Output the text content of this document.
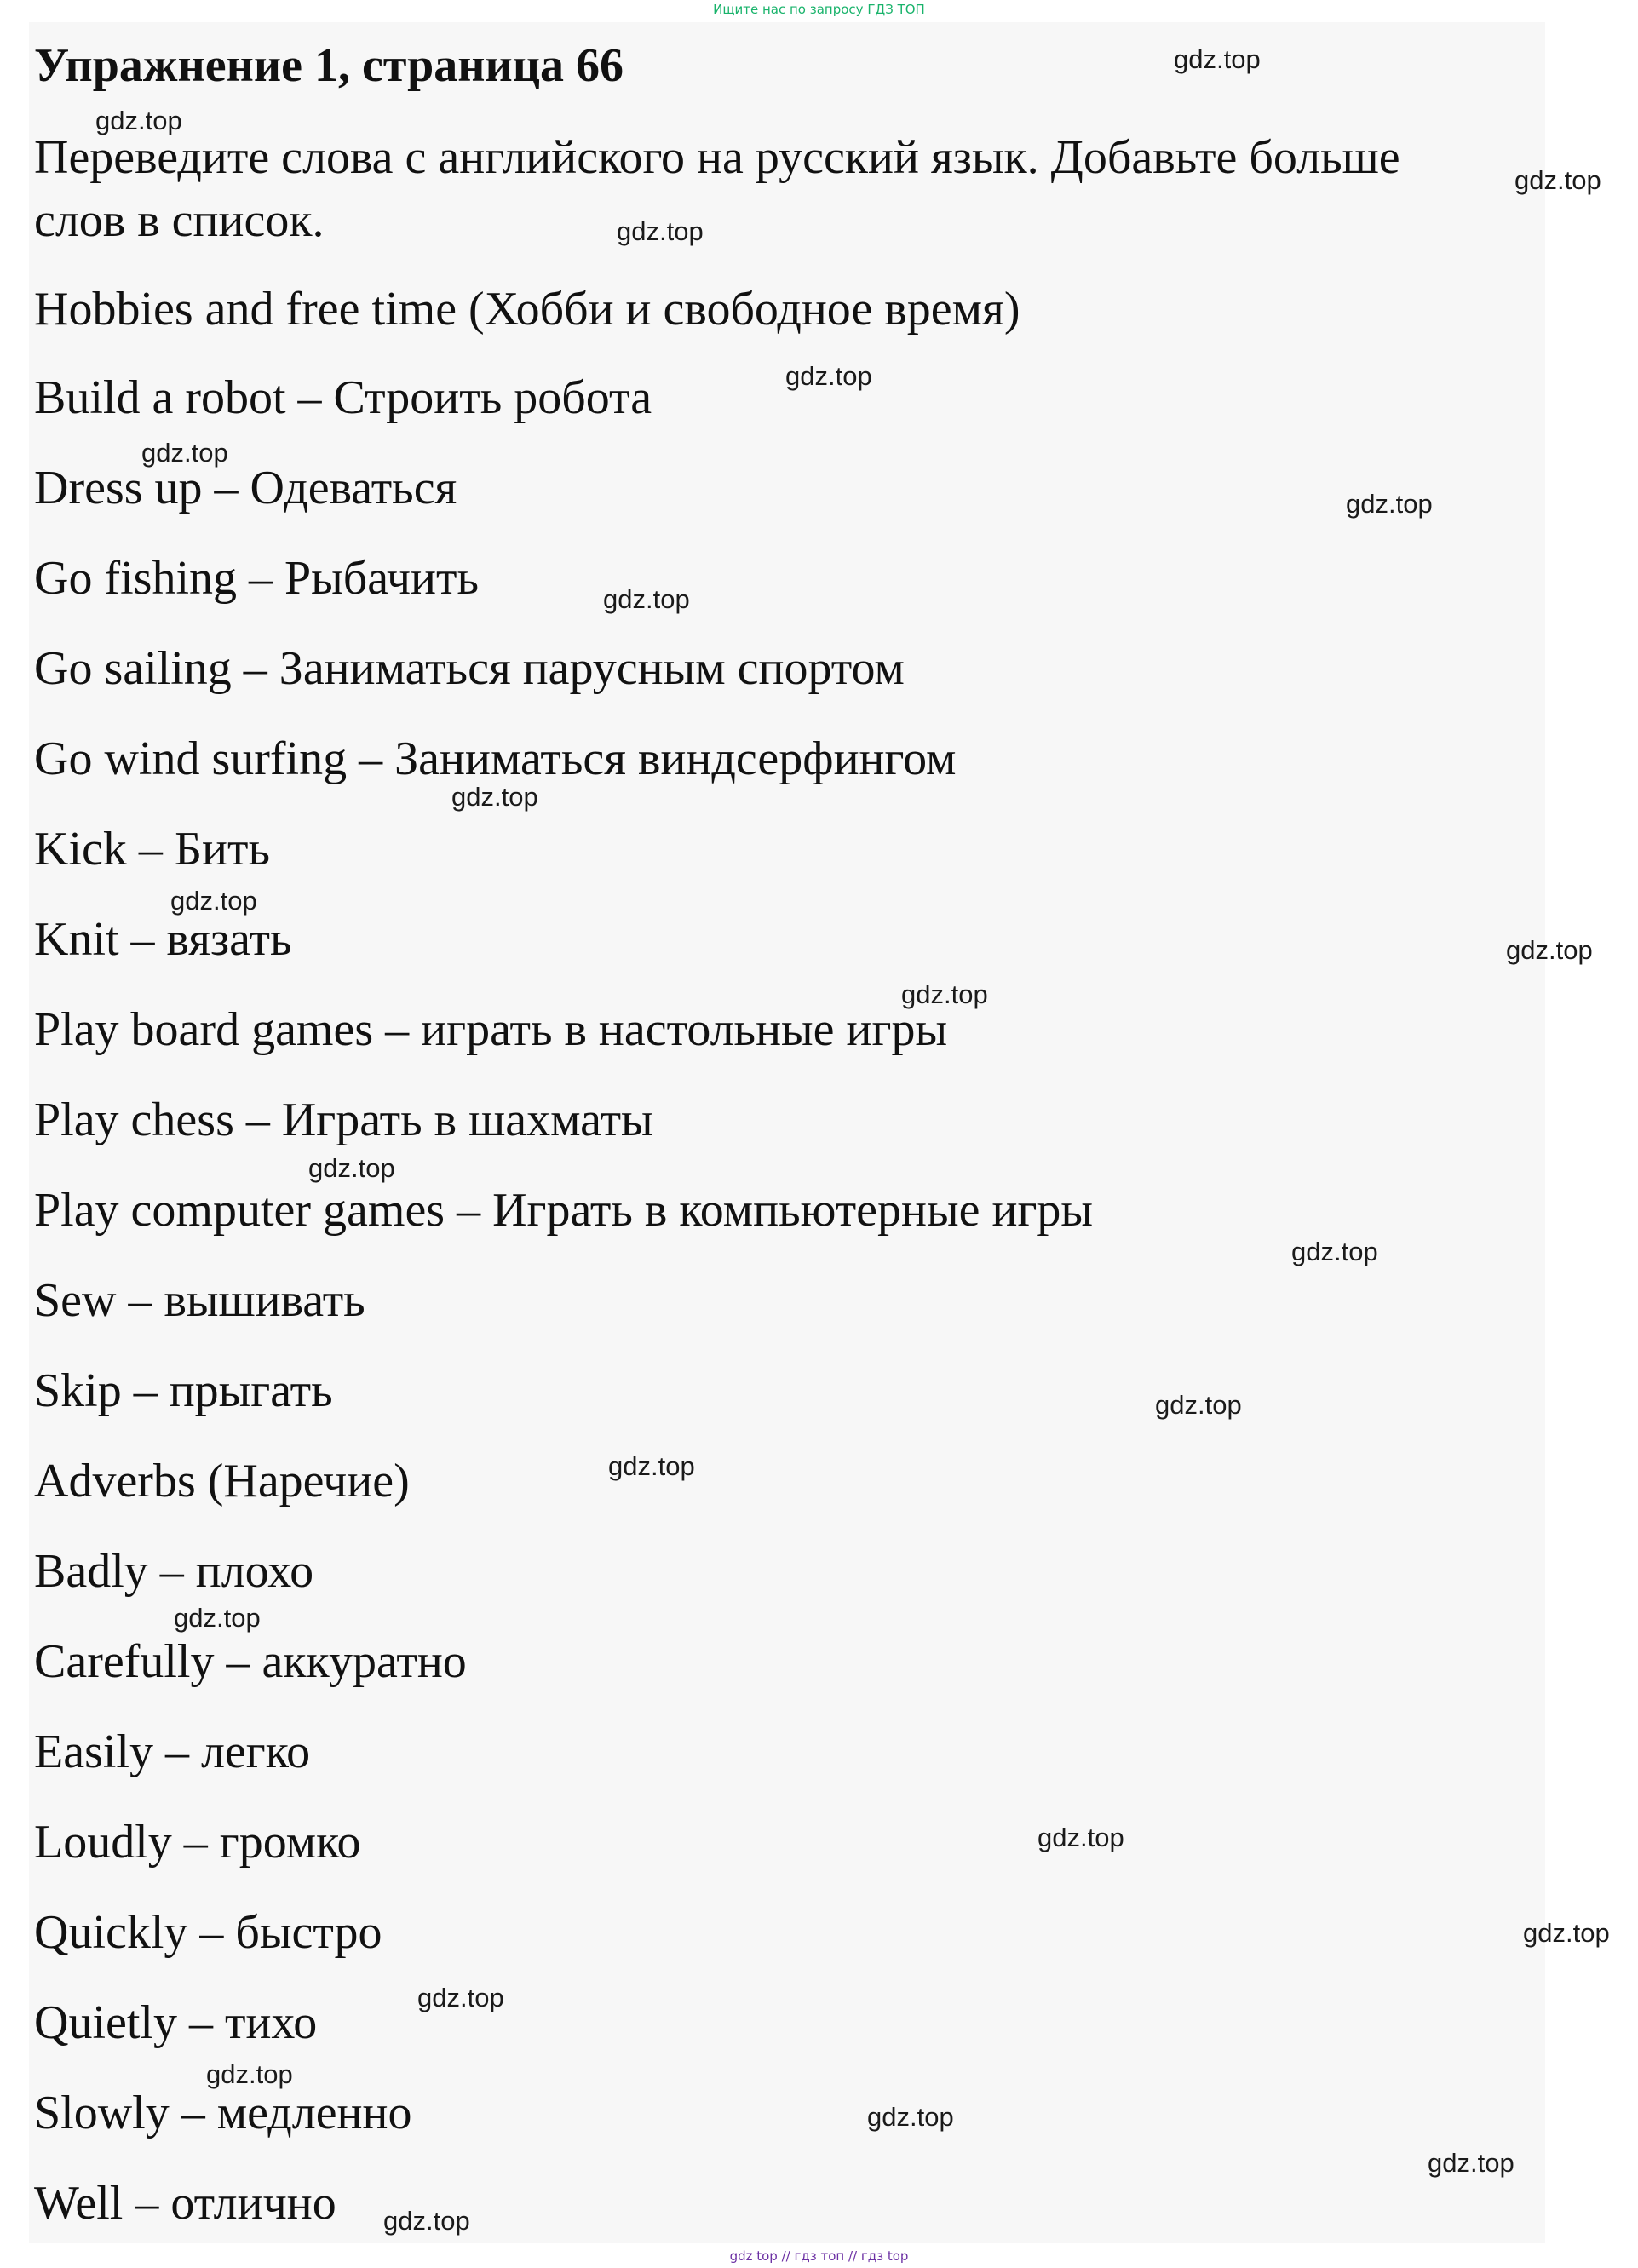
Ищите нас по запросу ГДЗ ТОП
Упражнение 1, страница 66

Переведите слова с английского на русский язык. Добавьте больше слов в список.

Hobbies and free time (Хобби и свободное время)
Build a robot – Строить робота
Dress up – Одеваться
Go fishing – Рыбачить
Go sailing – Заниматься парусным спортом
Go wind surfing – Заниматься виндсерфингом
Kick – Бить
Knit – вязать
Play board games – играть в настольные игры
Play chess – Играть в шахматы
Play computer games – Играть в компьютерные игры
Sew – вышивать
Skip – прыгать
Adverbs (Наречие)
Badly – плохо
Carefully – аккуратно
Easily – легко
Loudly – громко
Quickly – быстро
Quietly – тихо
Slowly – медленно
Well – отлично
gdz.top
gdz.top
gdz.top
gdz.top
gdz.top
gdz.top
gdz.top
gdz.top
gdz.top
gdz.top
gdz.top
gdz.top
gdz.top
gdz.top
gdz.top
gdz.top
gdz.top
gdz.top
gdz.top
gdz.top
gdz.top
gdz.top
gdz.top
gdz.top
gdz top // гдз топ // гдз top
